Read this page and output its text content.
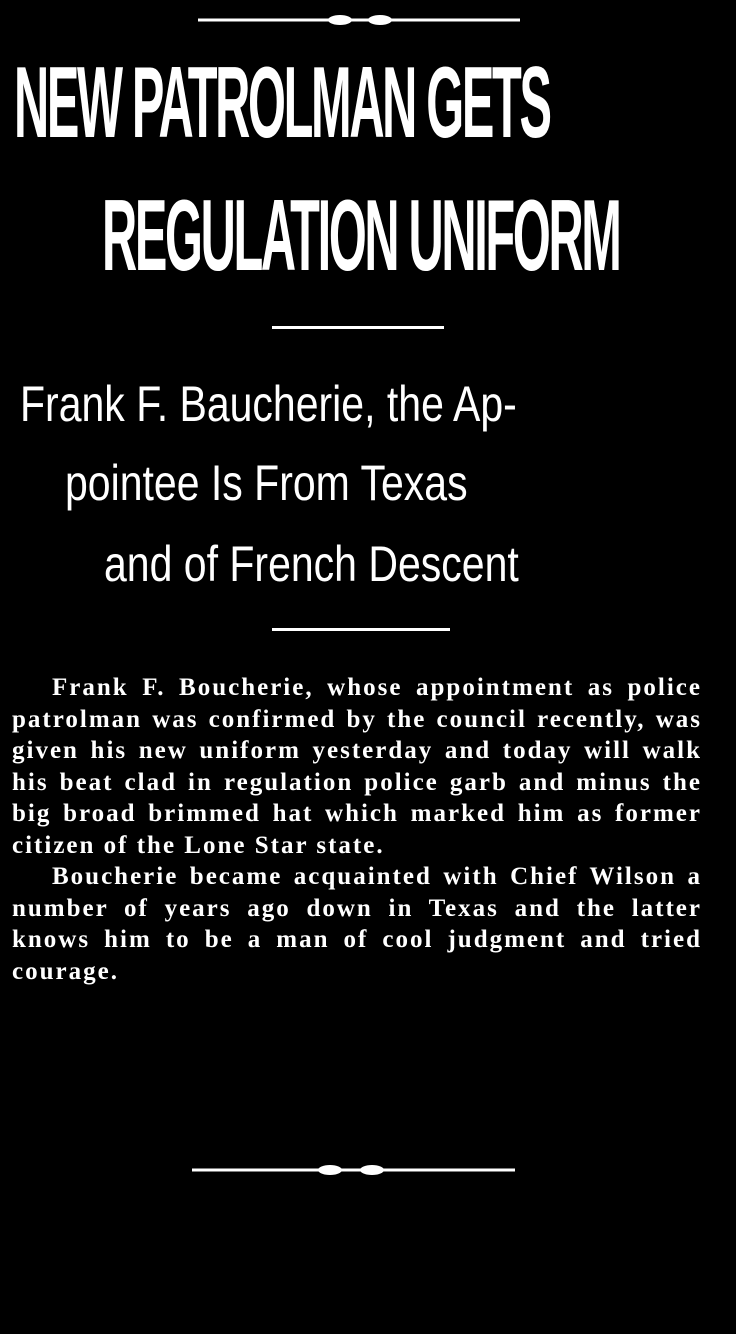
NEW PATROLMAN GETS
REGULATION UNIFORM
Frank F. Baucherie, the Ap-
pointee Is From Texas
and of French Descent

Frank F. Boucherie, whose appointment as police patrolman was confirmed by the council recently, was given his new uniform yesterday and today will walk his beat clad in regulation police garb and minus the big broad brimmed hat which marked him as former citizen of the Lone Star state.

Boucherie became acquainted with Chief Wilson a number of years ago down in Texas and the latter knows him to be a man of cool judgment and tried courage.
